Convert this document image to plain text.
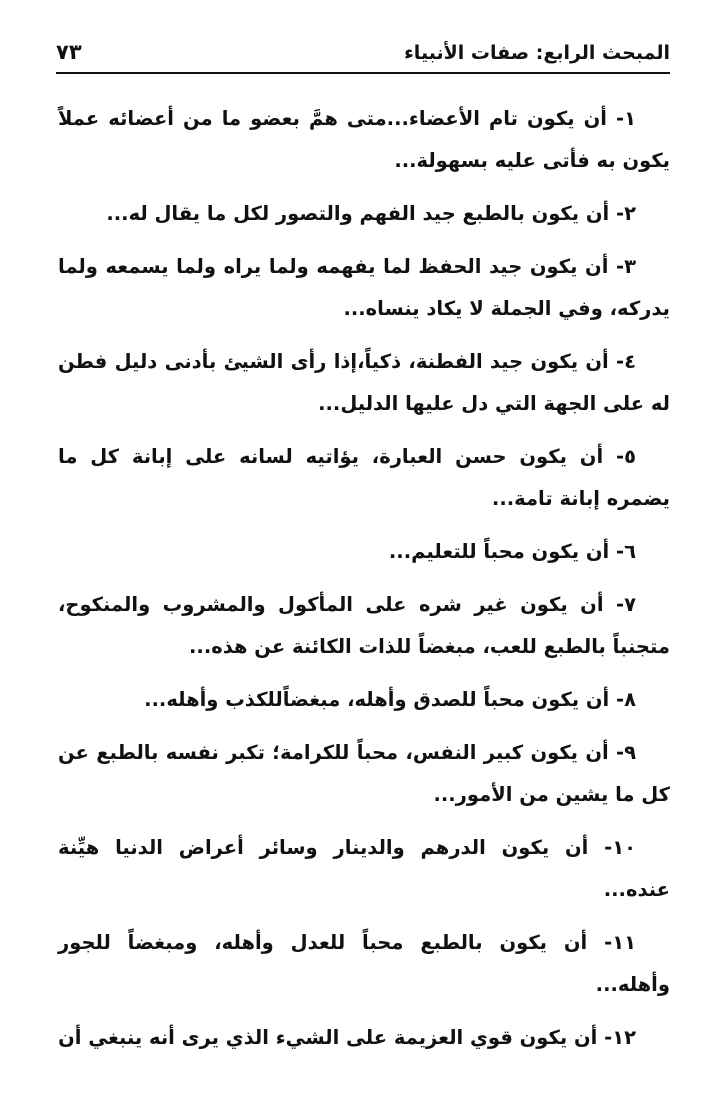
المبحث الرابع: صفات الأنبياء
٧٣

١- أن يكون تام الأعضاء...متى همَّ بعضو ما من أعضائه عملاً يكون به فأتى عليه بسهولة...

٢- أن يكون بالطبع جيد الفهم والتصور لكل ما يقال له...

٣- أن يكون جيد الحفظ لما يفهمه ولما يراه ولما يسمعه ولما يدركه، وفي الجملة لا يكاد ينساه...

٤- أن يكون جيد الفطنة، ذكياً،إذا رأى الشيئ بأدنى دليل فطن له على الجهة التي دل عليها الدليل...

٥- أن يكون حسن العبارة، يؤاتيه لسانه على إبانة كل ما يضمره إبانة تامة...

٦- أن يكون محباً للتعليم...

٧- أن يكون غير شره على المأكول والمشروب والمنكوح، متجنباً بالطبع للعب، مبغضاً للذات الكائنة عن هذه...

٨- أن يكون محباً للصدق وأهله، مبغضاًللكذب وأهله...

٩- أن يكون كبير النفس، محباً للكرامة؛ تكبر نفسه بالطبع عن كل ما يشين من الأمور...

١٠- أن يكون الدرهم والدينار وسائر أعراض الدنيا هيِّنة عنده...

١١- أن يكون بالطبع محباً للعدل وأهله، ومبغضاً للجور وأهله...

١٢- أن يكون قوي العزيمة على الشيء الذي يرى أنه ينبغي أن
